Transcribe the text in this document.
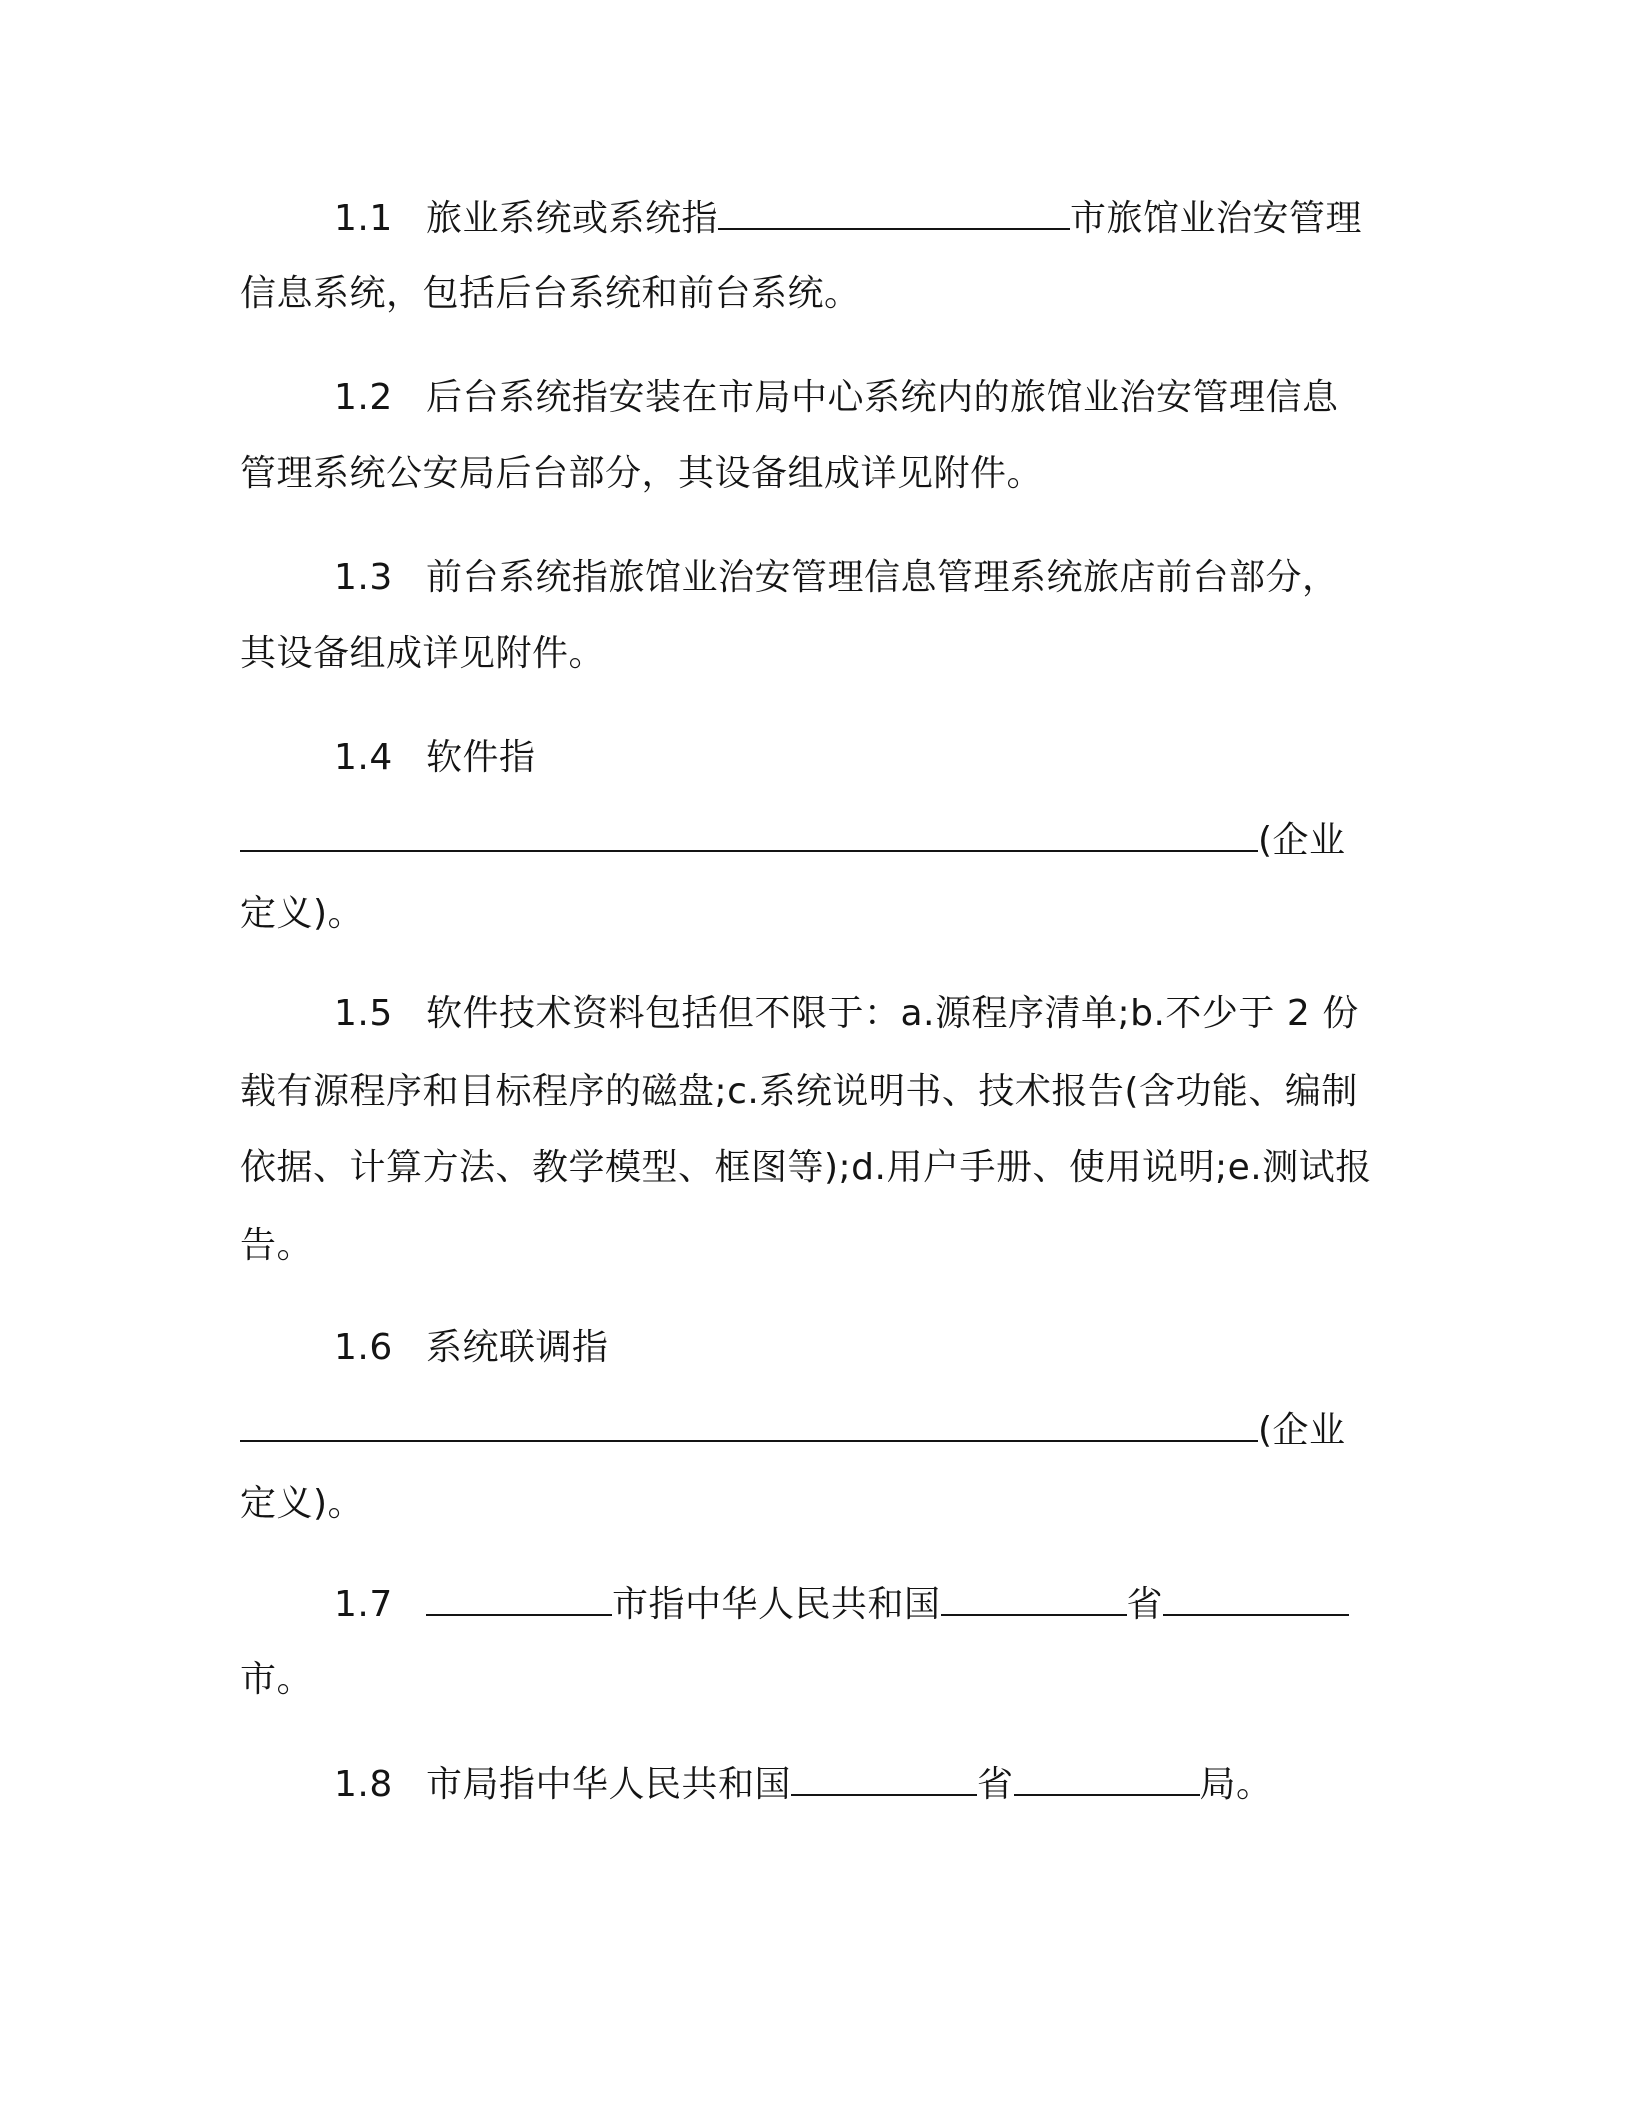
1.1 旅业系统或系统指	市旅馆业治安管理
信息系统，包括后台系统和前台系统。
1.2 后台系统指安装在市局中心系统内的旅馆业治安管理信息
管理系统公安局后台部分，其设备组成详见附件。
1.3 前台系统指旅馆业治安管理信息管理系统旅店前台部分，
其设备组成详见附件。
1.4 软件指
(企业
定义)。
1.5 软件技术资料包括但不限于：a.源程序清单;b.不少于 2 份
载有源程序和目标程序的磁盘;c.系统说明书、技术报告(含功能、编制
依据、计算方法、教学模型、框图等);d.用户手册、使用说明;e.测试报
告。
1.6 系统联调指
(企业
定义)。
1.7	市指中华人民共和国	省
市。
1.8 市局指中华人民共和国	省	局。
